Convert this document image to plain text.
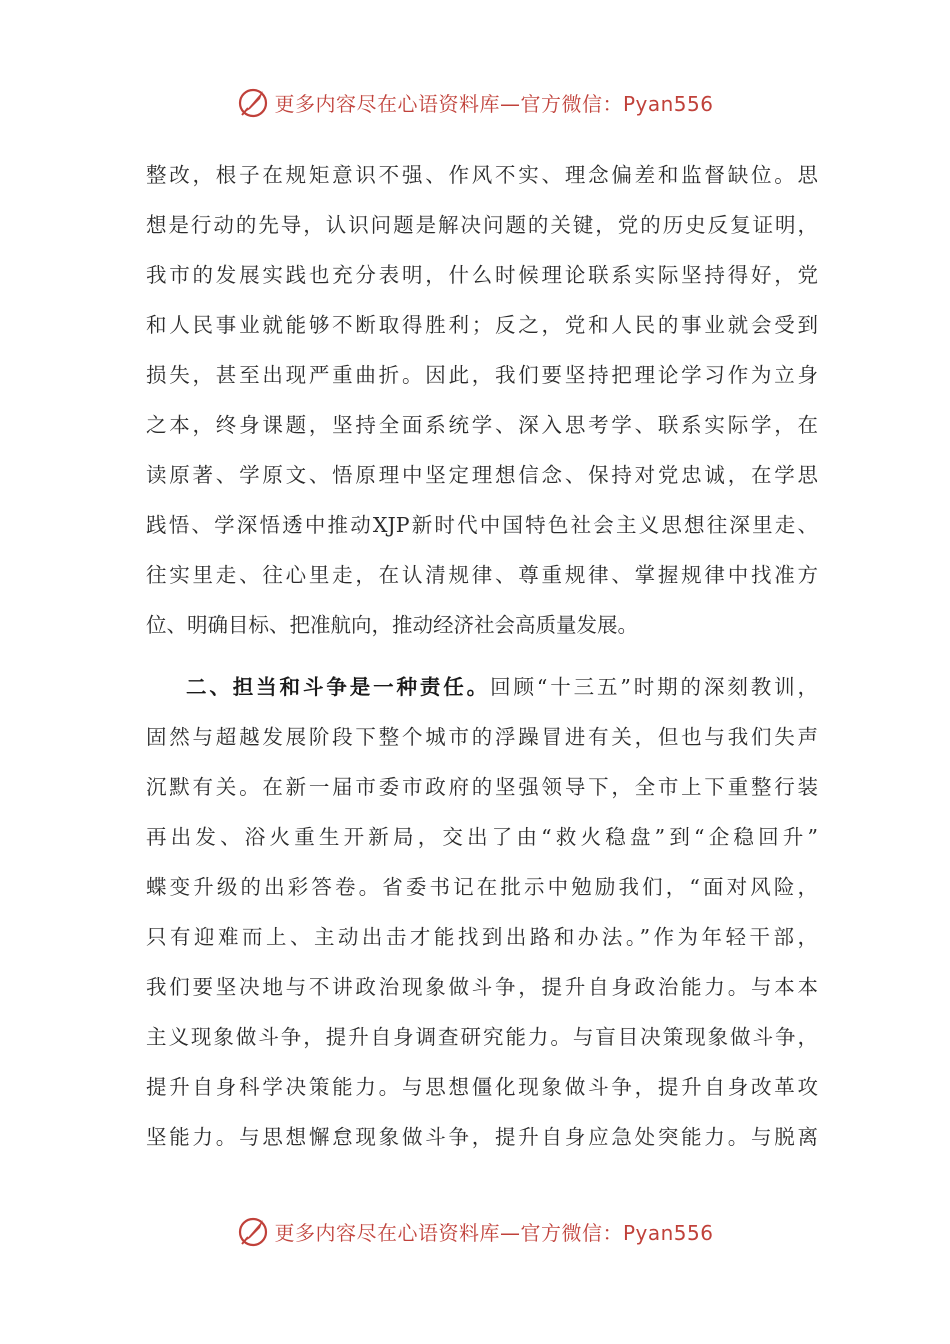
更多内容尽在心语资料库—官方微信：Pyan556
整改，根子在规矩意识不强、作风不实、理念偏差和监督缺位。思
想是行动的先导，认识问题是解决问题的关键，党的历史反复证明，
我市的发展实践也充分表明，什么时候理论联系实际坚持得好，党
和人民事业就能够不断取得胜利；反之，党和人民的事业就会受到
损失，甚至出现严重曲折。因此，我们要坚持把理论学习作为立身
之本，终身课题，坚持全面系统学、深入思考学、联系实际学，在
读原著、学原文、悟原理中坚定理想信念、保持对党忠诚，在学思
践悟、学深悟透中推动XJP新时代中国特色社会主义思想往深里走、
往实里走、往心里走，在认清规律、尊重规律、掌握规律中找准方
位、明确目标、把准航向，推动经济社会高质量发展。
二、担当和斗争是一种责任。回顾“十三五”时期的深刻教训，
固然与超越发展阶段下整个城市的浮躁冒进有关，但也与我们失声
沉默有关。在新一届市委市政府的坚强领导下，全市上下重整行装
再出发、浴火重生开新局，交出了由“救火稳盘”到“企稳回升”
蝶变升级的出彩答卷。省委书记在批示中勉励我们，“面对风险，
只有迎难而上、主动出击才能找到出路和办法。”作为年轻干部，
我们要坚决地与不讲政治现象做斗争，提升自身政治能力。与本本
主义现象做斗争，提升自身调查研究能力。与盲目决策现象做斗争，
提升自身科学决策能力。与思想僵化现象做斗争，提升自身改革攻
坚能力。与思想懈怠现象做斗争，提升自身应急处突能力。与脱离
更多内容尽在心语资料库—官方微信：Pyan556
